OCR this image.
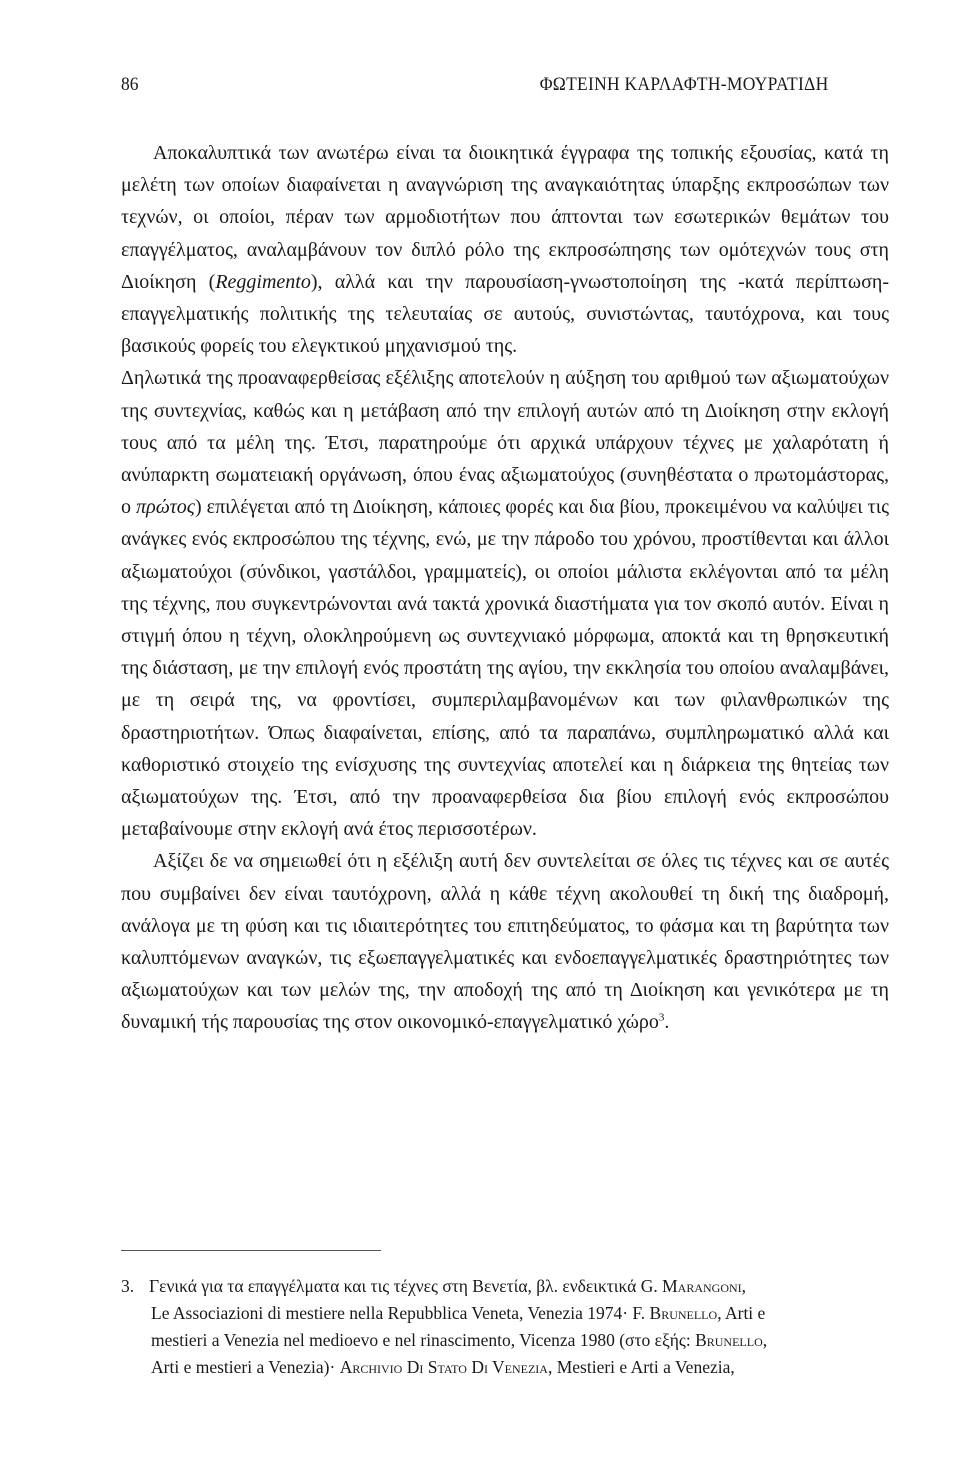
86	ΦΩΤΕΙΝΗ ΚΑΡΛΑΦΤΗ-ΜΟΥΡΑΤΙΔΗ

Αποκαλυπτικά των ανωτέρω είναι τα διοικητικά έγγραφα της τοπικής εξουσίας, κατά τη μελέτη των οποίων διαφαίνεται η αναγνώριση της αναγκαιότητας ύπαρξης εκπροσώπων των τεχνών, οι οποίοι, πέραν των αρμοδιοτήτων που άπτονται των εσωτερικών θεμάτων του επαγγέλματος, αναλαμβάνουν τον διπλό ρόλο της εκπροσώπησης των ομότεχνών τους στη Διοίκηση (Reggimento), αλλά και την παρουσίαση-γνωστοποίηση της -κατά περίπτωση- επαγγελματικής πολιτικής της τελευταίας σε αυτούς, συνιστώντας, ταυτόχρονα, και τους βασικούς φορείς του ελεγκτικού μηχανισμού της.

Δηλωτικά της προαναφερθείσας εξέλιξης αποτελούν η αύξηση του αριθμού των αξιωματούχων της συντεχνίας, καθώς και η μετάβαση από την επιλογή αυτών από τη Διοίκηση στην εκλογή τους από τα μέλη της. Έτσι, παρατηρούμε ότι αρχικά υπάρχουν τέχνες με χαλαρότατη ή ανύπαρκτη σωματειακή οργάνωση, όπου ένας αξιωματούχος (συνηθέστατα ο πρωτομάστορας, ο πρώτος) επιλέγεται από τη Διοίκηση, κάποιες φορές και δια βίου, προκειμένου να καλύψει τις ανάγκες ενός εκπροσώπου της τέχνης, ενώ, με την πάροδο του χρόνου, προστίθενται και άλλοι αξιωματούχοι (σύνδικοι, γαστάλδοι, γραμματείς), οι οποίοι μάλιστα εκλέγονται από τα μέλη της τέχνης, που συγκεντρώνονται ανά τακτά χρονικά διαστήματα για τον σκοπό αυτόν. Είναι η στιγμή όπου η τέχνη, ολοκληρούμενη ως συντεχνιακό μόρφωμα, αποκτά και τη θρησκευτική της διάσταση, με την επιλογή ενός προστάτη της αγίου, την εκκλησία του οποίου αναλαμβάνει, με τη σειρά της, να φροντίσει, συμπεριλαμβανομένων και των φιλανθρωπικών της δραστηριοτήτων. Όπως διαφαίνεται, επίσης, από τα παραπάνω, συμπληρωματικό αλλά και καθοριστικό στοιχείο της ενίσχυσης της συντεχνίας αποτελεί και η διάρκεια της θητείας των αξιωματούχων της. Έτσι, από την προαναφερθείσα δια βίου επιλογή ενός εκπροσώπου μεταβαίνουμε στην εκλογή ανά έτος περισσοτέρων.

Αξίζει δε να σημειωθεί ότι η εξέλιξη αυτή δεν συντελείται σε όλες τις τέχνες και σε αυτές που συμβαίνει δεν είναι ταυτόχρονη, αλλά η κάθε τέχνη ακολουθεί τη δική της διαδρομή, ανάλογα με τη φύση και τις ιδιαιτερότητες του επιτηδεύματος, το φάσμα και τη βαρύτητα των καλυπτόμενων αναγκών, τις εξωεπαγγελματικές και ενδοεπαγγελματικές δραστηριότητες των αξιωματούχων και των μελών της, την αποδοχή της από τη Διοίκηση και γενικότερα με τη δυναμική τής παρουσίας της στον οικονομικό-επαγγελματικό χώρο$^3$.

3. Γενικά για τα επαγγέλματα και τις τέχνες στη Βενετία, βλ. ενδεικτικά G. Marangoni,
Le Associazioni di mestiere nella Repubblica Veneta, Venezia 1974· F. Brunello, Arti e
mestieri a Venezia nel medioevo e nel rinascimento, Vicenza 1980 (στο εξής: Brunello,
Arti e mestieri a Venezia)· Archivio Di Stato Di Venezia, Mestieri e Arti a Venezia,
